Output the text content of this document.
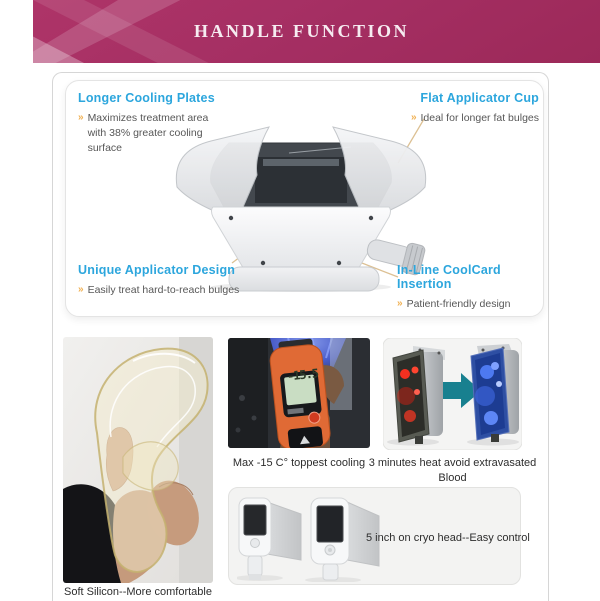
HANDLE FUNCTION
Longer Cooling Plates
» Maximizes treatment area with 38% greater cooling surface
Flat Applicator Cup
» Ideal for longer fat bulges
Unique Applicator Design
» Easily treat hard-to-reach bulges
In-Line CoolCard Insertion
» Patient-friendly design
Soft Silicon--More comfortable
-15.5
Max -15 C° toppest cooling 3 minutes heat avoid extravasated
Blood
5 inch on cryo head--Easy control
